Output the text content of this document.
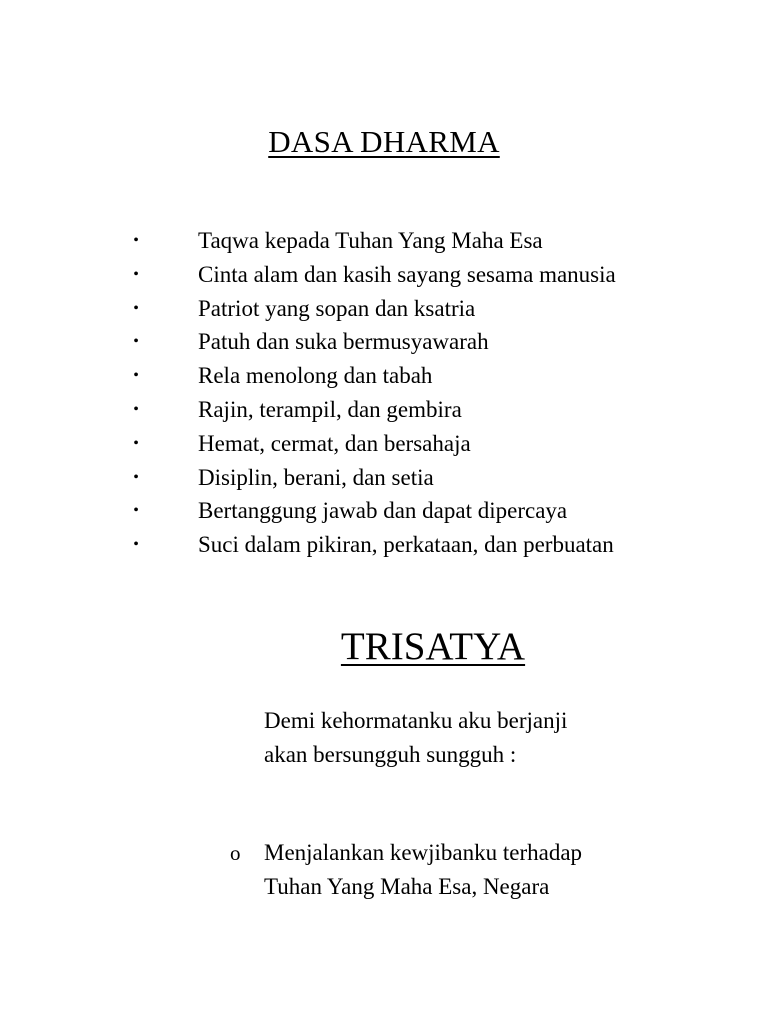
DASA DHARMA
•	Taqwa kepada Tuhan Yang Maha Esa
•	Cinta alam dan kasih sayang sesama manusia
•	Patriot yang sopan dan ksatria
•	Patuh dan suka bermusyawarah
•	Rela menolong dan tabah
•	Rajin, terampil, dan gembira
•	Hemat, cermat, dan bersahaja
•	Disiplin, berani, dan setia
•	Bertanggung jawab dan dapat dipercaya
•	Suci dalam pikiran, perkataan, dan perbuatan
TRISATYA
Demi kehormatanku aku berjanji
akan bersungguh sungguh :
o Menjalankan kewjibanku terhadap
Tuhan Yang Maha Esa, Negara
